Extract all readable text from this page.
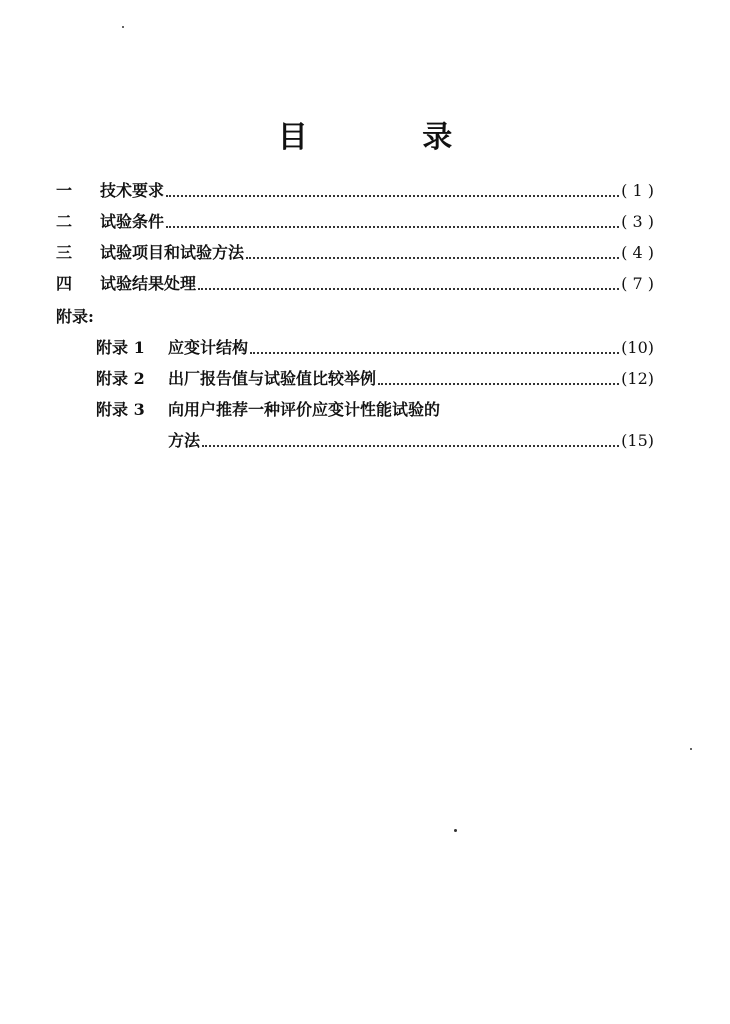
目 录
一	技术要求	( 1 )
二	试验条件	( 3 )
三	试验项目和试验方法	( 4 )
四	试验结果处理	( 7 )
附录:
附录 1	应变计结构	(10)
附录 2	出厂报告值与试验值比较举例	(12)
附录 3	向用户推荐一种评价应变计性能试验的
方法	(15)
